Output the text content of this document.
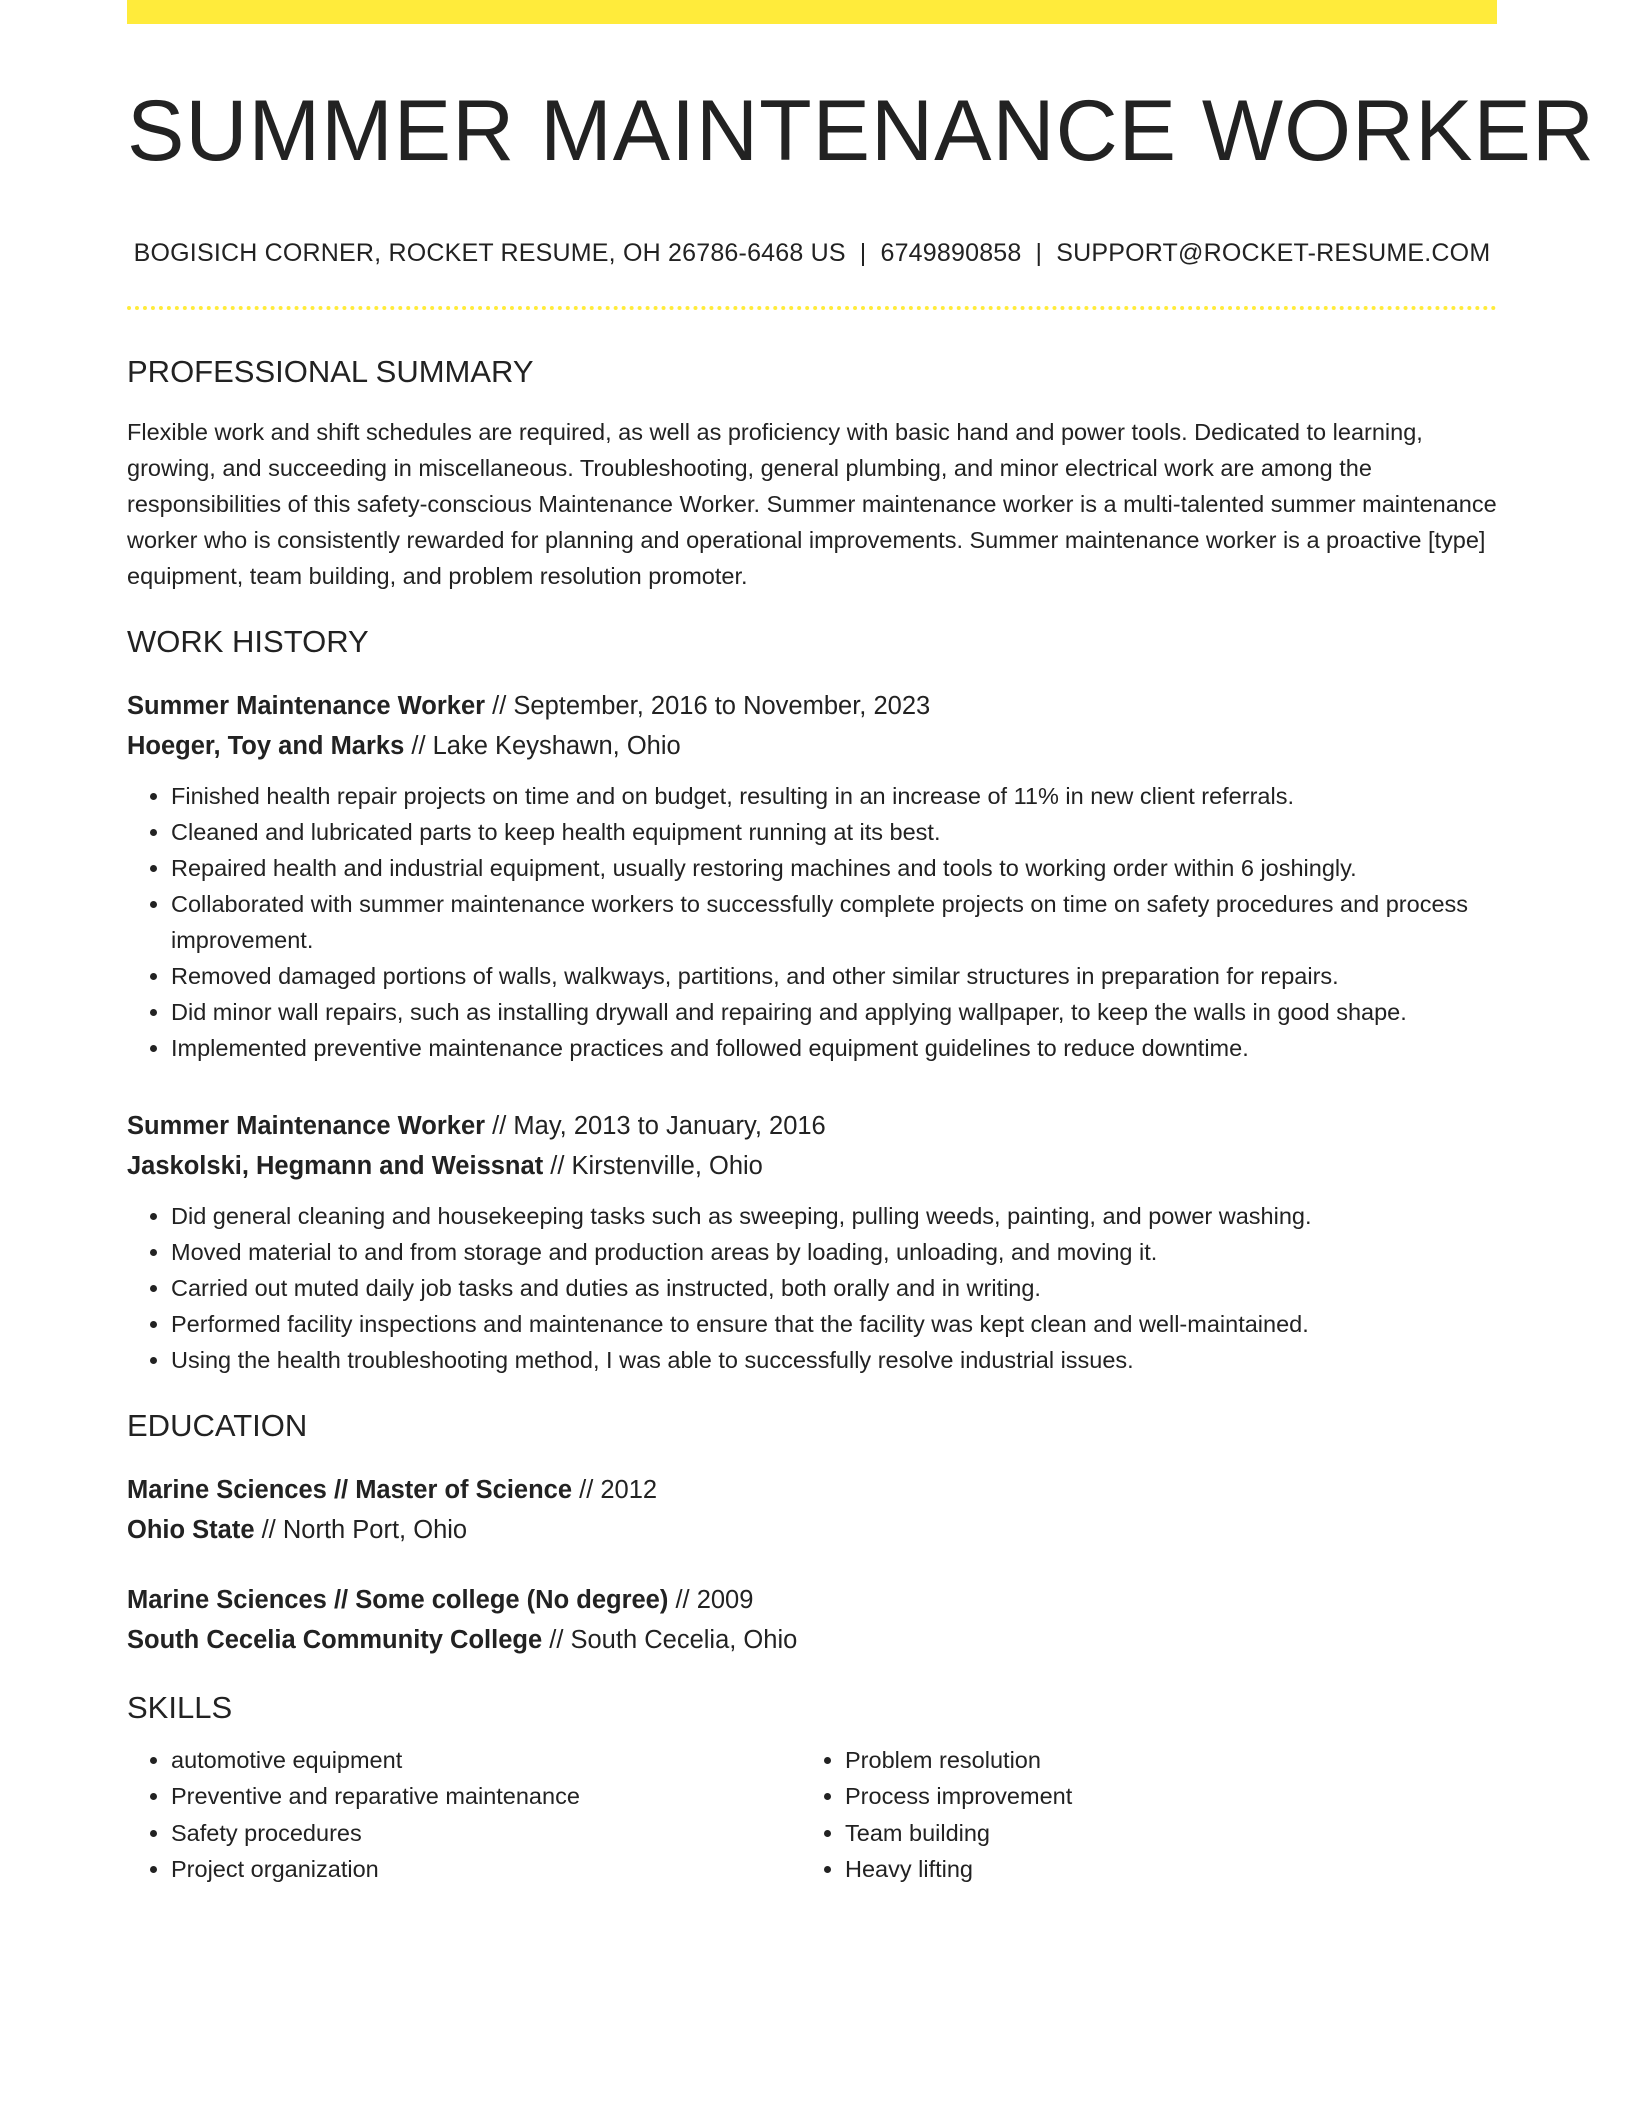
SUMMER MAINTENANCE WORKER
BOGISICH CORNER, ROCKET RESUME, OH 26786-6468 US | 6749890858 | SUPPORT@ROCKET-RESUME.COM
PROFESSIONAL SUMMARY
Flexible work and shift schedules are required, as well as proficiency with basic hand and power tools. Dedicated to learning, growing, and succeeding in miscellaneous. Troubleshooting, general plumbing, and minor electrical work are among the responsibilities of this safety-conscious Maintenance Worker. Summer maintenance worker is a multi-talented summer maintenance worker who is consistently rewarded for planning and operational improvements. Summer maintenance worker is a proactive [type] equipment, team building, and problem resolution promoter.
WORK HISTORY
Summer Maintenance Worker // September, 2016 to November, 2023
Hoeger, Toy and Marks // Lake Keyshawn, Ohio
• Finished health repair projects on time and on budget, resulting in an increase of 11% in new client referrals.
• Cleaned and lubricated parts to keep health equipment running at its best.
• Repaired health and industrial equipment, usually restoring machines and tools to working order within 6 joshingly.
• Collaborated with summer maintenance workers to successfully complete projects on time on safety procedures and process improvement.
• Removed damaged portions of walls, walkways, partitions, and other similar structures in preparation for repairs.
• Did minor wall repairs, such as installing drywall and repairing and applying wallpaper, to keep the walls in good shape.
• Implemented preventive maintenance practices and followed equipment guidelines to reduce downtime.
Summer Maintenance Worker // May, 2013 to January, 2016
Jaskolski, Hegmann and Weissnat // Kirstenville, Ohio
• Did general cleaning and housekeeping tasks such as sweeping, pulling weeds, painting, and power washing.
• Moved material to and from storage and production areas by loading, unloading, and moving it.
• Carried out muted daily job tasks and duties as instructed, both orally and in writing.
• Performed facility inspections and maintenance to ensure that the facility was kept clean and well-maintained.
• Using the health troubleshooting method, I was able to successfully resolve industrial issues.
EDUCATION
Marine Sciences // Master of Science // 2012
Ohio State // North Port, Ohio
Marine Sciences // Some college (No degree) // 2009
South Cecelia Community College // South Cecelia, Ohio
SKILLS
• automotive equipment
• Preventive and reparative maintenance
• Safety procedures
• Project organization
• Problem resolution
• Process improvement
• Team building
• Heavy lifting
